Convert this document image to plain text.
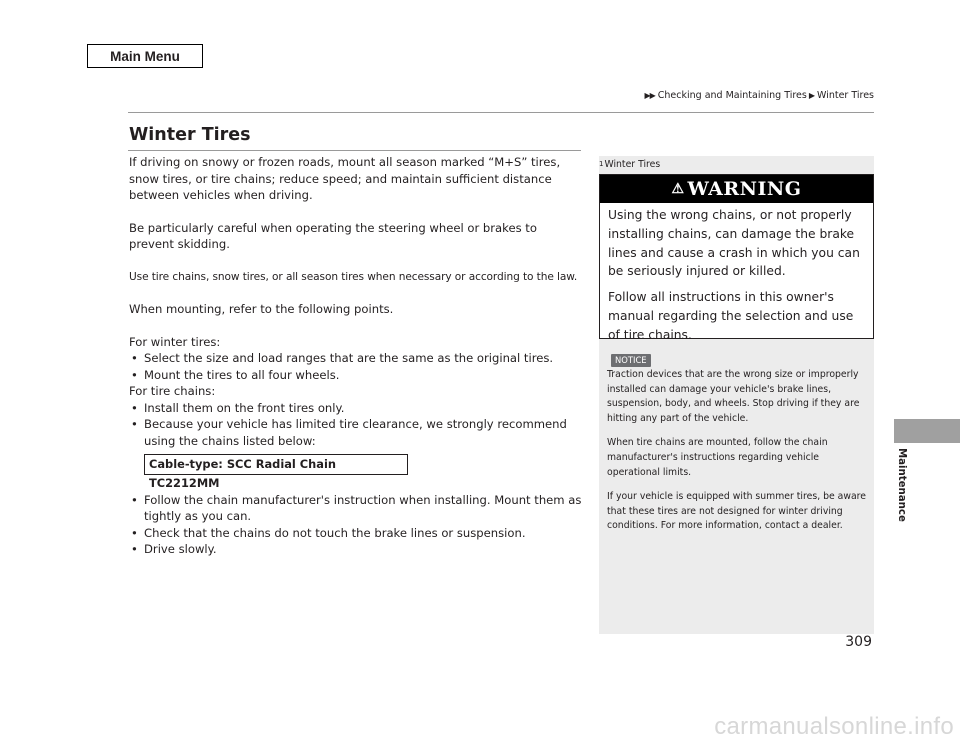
Main Menu
▶▶ Checking and Maintaining Tires ▶ Winter Tires
Winter Tires

If driving on snowy or frozen roads, mount all season marked “M+S” tires, snow tires, or tire chains; reduce speed; and maintain sufficient distance between vehicles when driving.

Be particularly careful when operating the steering wheel or brakes to prevent skidding.

Use tire chains, snow tires, or all season tires when necessary or according to the law.

When mounting, refer to the following points.

For winter tires:

• Select the size and load ranges that are the same as the original tires.

• Mount the tires to all four wheels.

For tire chains:

• Install them on the front tires only.

• Because your vehicle has limited tire clearance, we strongly recommend using the chains listed below:

Cable-type: SCC Radial Chain TC2212MM

• Follow the chain manufacturer's instruction when installing. Mount them as tightly as you can.

• Check that the chains do not touch the brake lines or suspension.

• Drive slowly.

1Winter Tires
⚠ WARNING

Using the wrong chains, or not properly installing chains, can damage the brake lines and cause a crash in which you can be seriously injured or killed.

Follow all instructions in this owner's manual regarding the selection and use of tire chains.

NOTICE

Traction devices that are the wrong size or improperly installed can damage your vehicle's brake lines, suspension, body, and wheels. Stop driving if they are hitting any part of the vehicle.

When tire chains are mounted, follow the chain manufacturer's instructions regarding vehicle operational limits.

If your vehicle is equipped with summer tires, be aware that these tires are not designed for winter driving conditions. For more information, contact a dealer.

Maintenance
309
carmanualsonline.info
